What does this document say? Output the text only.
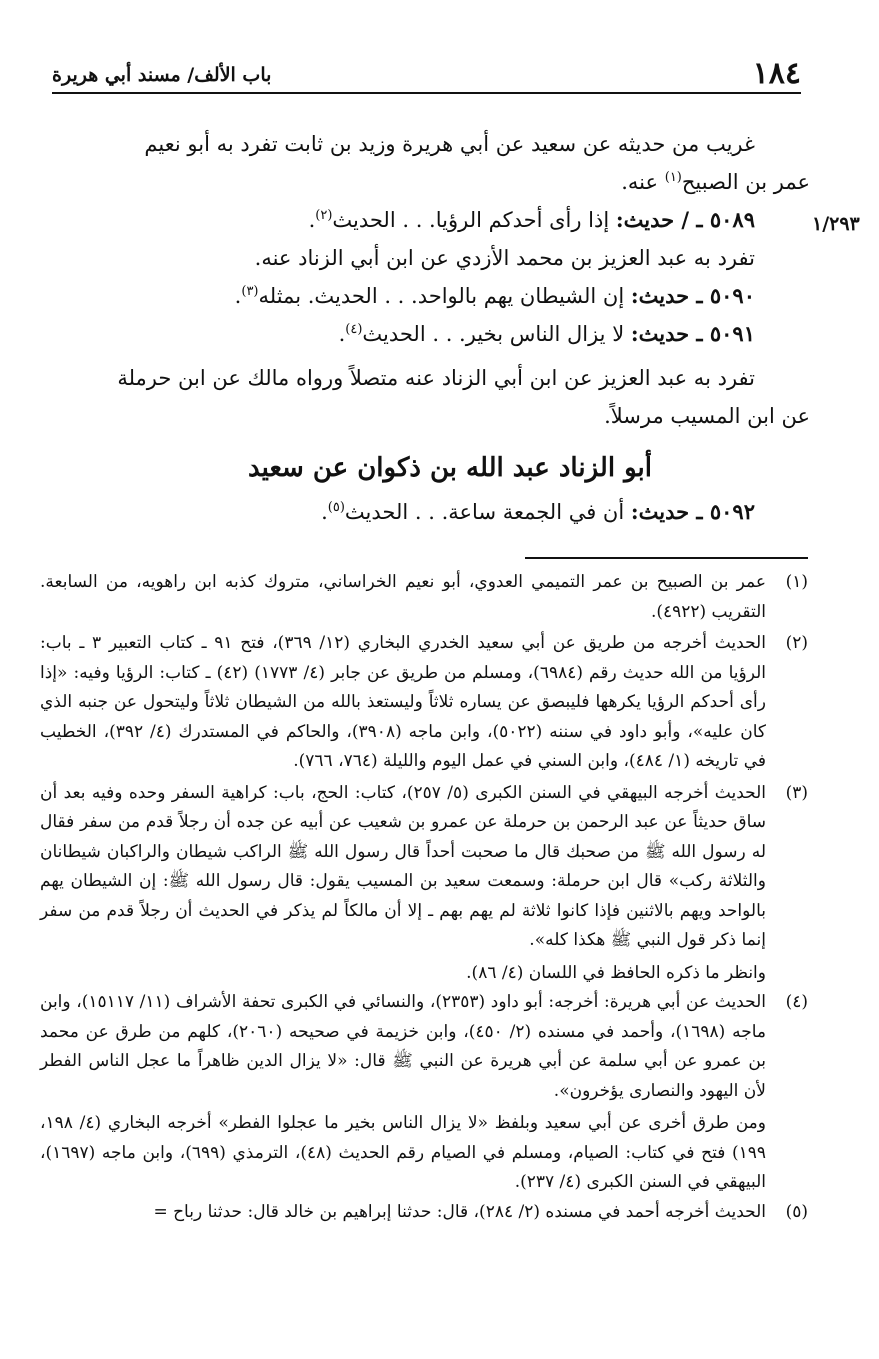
١٨٤
باب الألف/ مسند أبي هريرة
١/٢٩٣

غريب من حديثه عن سعيد عن أبي هريرة وزيد بن ثابت تفرد به أبو نعيم

عمر بن الصبيح$^{(١)}$ عنه.

٥٠٨٩ ـ / حديث: إذا رأى أحدكم الرؤيا. . . الحديث$^{(٢)}$.

تفرد به عبد العزيز بن محمد الأزدي عن ابن أبي الزناد عنه.

٥٠٩٠ ـ حديث: إن الشيطان يهم بالواحد. . . الحديث. بمثله$^{(٣)}$.

٥٠٩١ ـ حديث: لا يزال الناس بخير. . . الحديث$^{(٤)}$.

تفرد به عبد العزيز عن ابن أبي الزناد عنه متصلاً ورواه مالك عن ابن حرملة

عن ابن المسيب مرسلاً.

أبو الزناد عبد الله بن ذكوان عن سعيد

٥٠٩٢ ـ حديث: أن في الجمعة ساعة. . . الحديث$^{(٥)}$.

(١)
عمر بن الصبيح بن عمر التميمي العدوي، أبو نعيم الخراساني، متروك كذبه ابن راهويه، من السابعة. التقريب (٤٩٢٢).
(٢)
الحديث أخرجه من طريق عن أبي سعيد الخدري البخاري (١٢/ ٣٦٩)، فتح ٩١ ـ كتاب التعبير ٣ ـ باب: الرؤيا من الله حديث رقم (٦٩٨٤)، ومسلم من طريق عن جابر (٤/ ١٧٧٣) (٤٢) ـ كتاب: الرؤيا وفيه: «إذا رأى أحدكم الرؤيا يكرهها فليبصق عن يساره ثلاثاً وليستعذ بالله من الشيطان ثلاثاً وليتحول عن جنبه الذي كان عليه»، وأبو داود في سننه (٥٠٢٢)، وابن ماجه (٣٩٠٨)، والحاكم في المستدرك (٤/ ٣٩٢)، الخطيب في تاريخه (١/ ٤٨٤)، وابن السني في عمل اليوم والليلة (٧٦٤، ٧٦٦).
(٣)
الحديث أخرجه البيهقي في السنن الكبرى (٥/ ٢٥٧)، كتاب: الحج، باب: كراهية السفر وحده وفيه بعد أن ساق حديثاً عن عبد الرحمن بن حرملة عن عمرو بن شعيب عن أبيه عن جده أن رجلاً قدم من سفر فقال له رسول الله ﷺ من صحبك قال ما صحبت أحداً قال رسول الله ﷺ الراكب شيطان والراكبان شيطانان والثلاثة ركب» قال ابن حرملة: وسمعت سعيد بن المسيب يقول: قال رسول الله ﷺ: إن الشيطان يهم بالواحد ويهم بالاثنين فإذا كانوا ثلاثة لم يهم بهم ـ إلا أن مالكاً لم يذكر في الحديث أن رجلاً قدم من سفر إنما ذكر قول النبي ﷺ هكذا كله».
وانظر ما ذكره الحافظ في اللسان (٤/ ٨٦).
(٤)
الحديث عن أبي هريرة: أخرجه: أبو داود (٢٣٥٣)، والنسائي في الكبرى تحفة الأشراف (١١/ ١٥١١٧)، وابن ماجه (١٦٩٨)، وأحمد في مسنده (٢/ ٤٥٠)، وابن خزيمة في صحيحه (٢٠٦٠)، كلهم من طرق عن محمد بن عمرو عن أبي سلمة عن أبي هريرة عن النبي ﷺ قال: «لا يزال الدين ظاهراً ما عجل الناس الفطر لأن اليهود والنصارى يؤخرون».
ومن طرق أخرى عن أبي سعيد وبلفظ «لا يزال الناس بخير ما عجلوا الفطر» أخرجه البخاري (٤/ ١٩٨، ١٩٩) فتح في كتاب: الصيام، ومسلم في الصيام رقم الحديث (٤٨)، الترمذي (٦٩٩)، وابن ماجه (١٦٩٧)، البيهقي في السنن الكبرى (٤/ ٢٣٧).
(٥)
الحديث أخرجه أحمد في مسنده (٢/ ٢٨٤)، قال: حدثنا إبراهيم بن خالد قال: حدثنا رباح =
